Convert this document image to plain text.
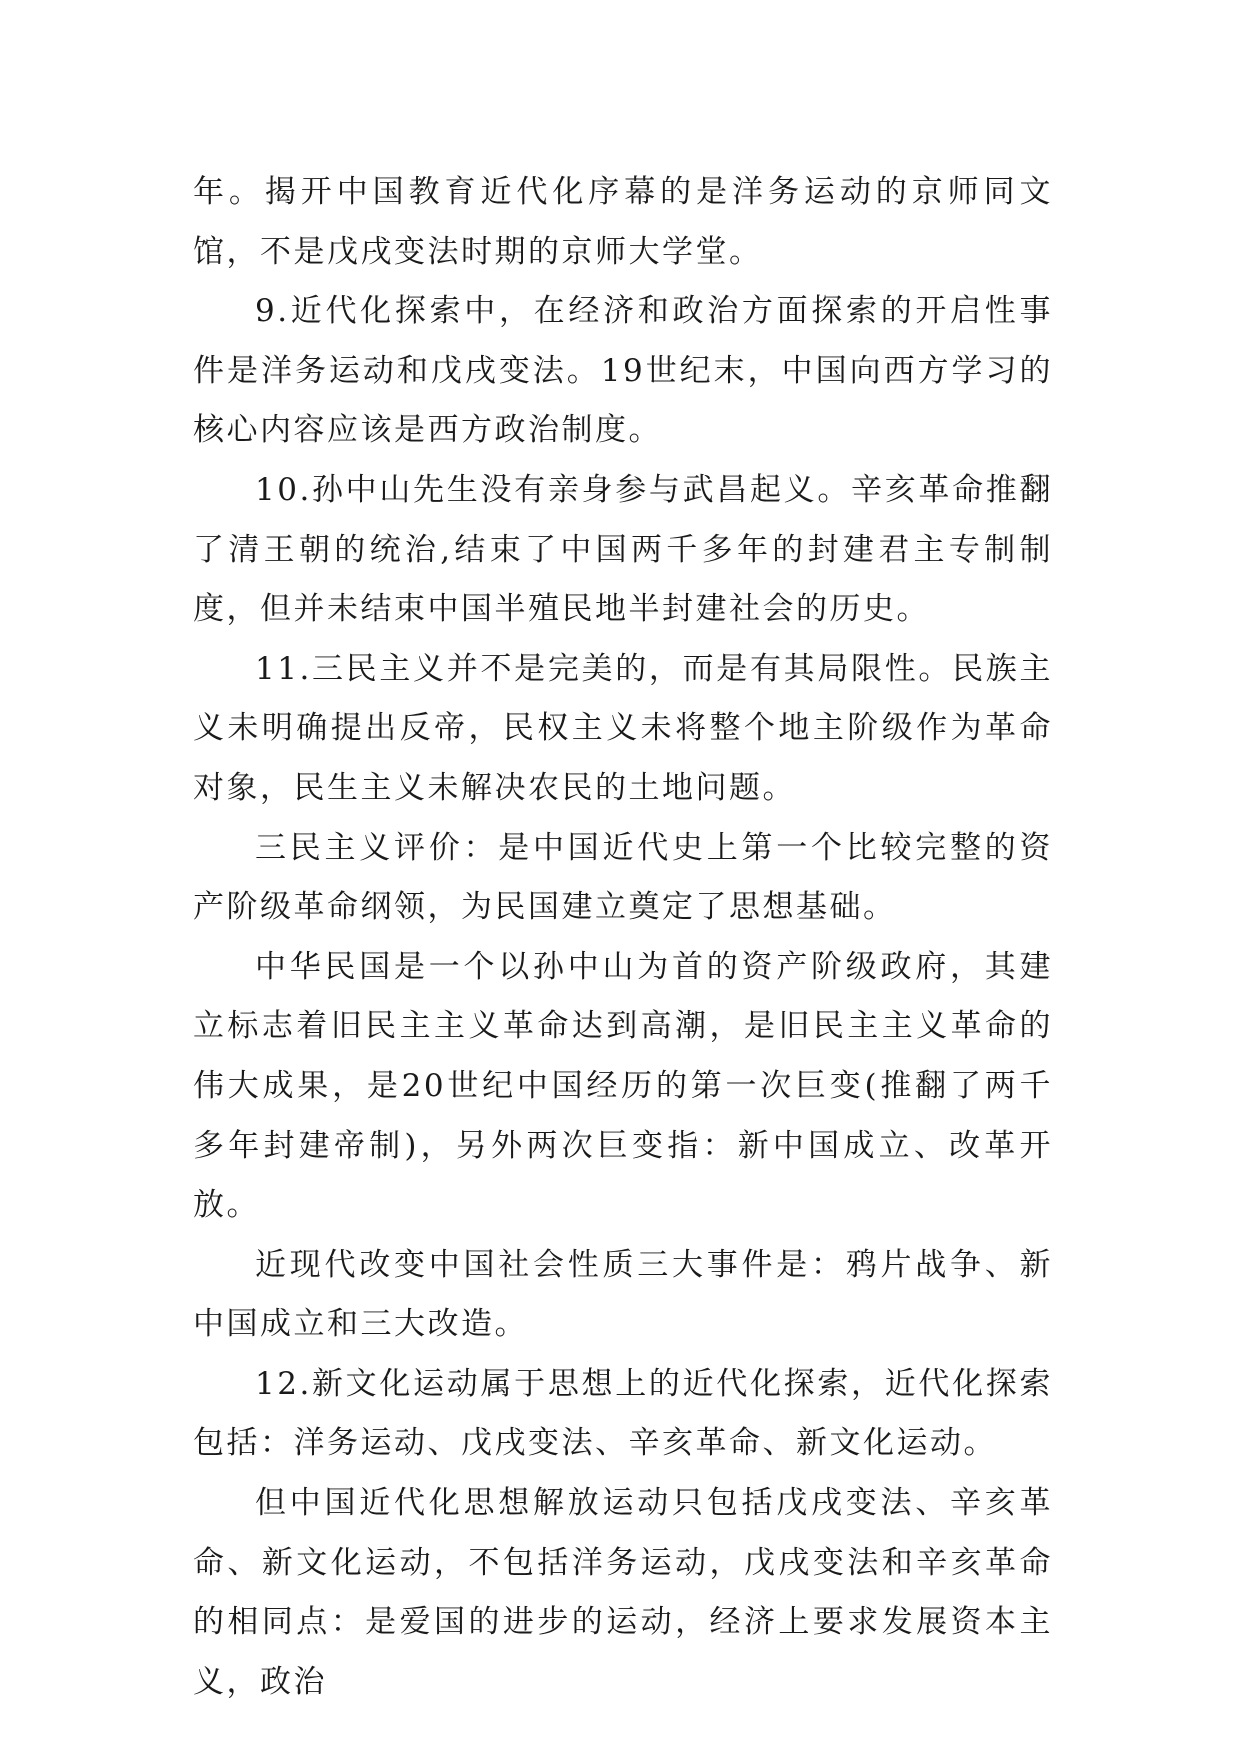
年。揭开中国教育近代化序幕的是洋务运动的京师同文馆，不是戊戌变法时期的京师大学堂。

9.近代化探索中，在经济和政治方面探索的开启性事件是洋务运动和戊戌变法。19世纪末，中国向西方学习的核心内容应该是西方政治制度。

10.孙中山先生没有亲身参与武昌起义。辛亥革命推翻了清王朝的统治,结束了中国两千多年的封建君主专制制度，但并未结束中国半殖民地半封建社会的历史。

11.三民主义并不是完美的，而是有其局限性。民族主义未明确提出反帝，民权主义未将整个地主阶级作为革命对象，民生主义未解决农民的土地问题。

三民主义评价：是中国近代史上第一个比较完整的资产阶级革命纲领，为民国建立奠定了思想基础。

中华民国是一个以孙中山为首的资产阶级政府，其建立标志着旧民主主义革命达到高潮，是旧民主主义革命的伟大成果，是20世纪中国经历的第一次巨变(推翻了两千多年封建帝制)，另外两次巨变指：新中国成立、改革开放。

近现代改变中国社会性质三大事件是：鸦片战争、新中国成立和三大改造。

12.新文化运动属于思想上的近代化探索，近代化探索包括：洋务运动、戊戌变法、辛亥革命、新文化运动。

但中国近代化思想解放运动只包括戊戌变法、辛亥革命、新文化运动，不包括洋务运动，戊戌变法和辛亥革命的相同点：是爱国的进步的运动，经济上要求发展资本主义，政治
